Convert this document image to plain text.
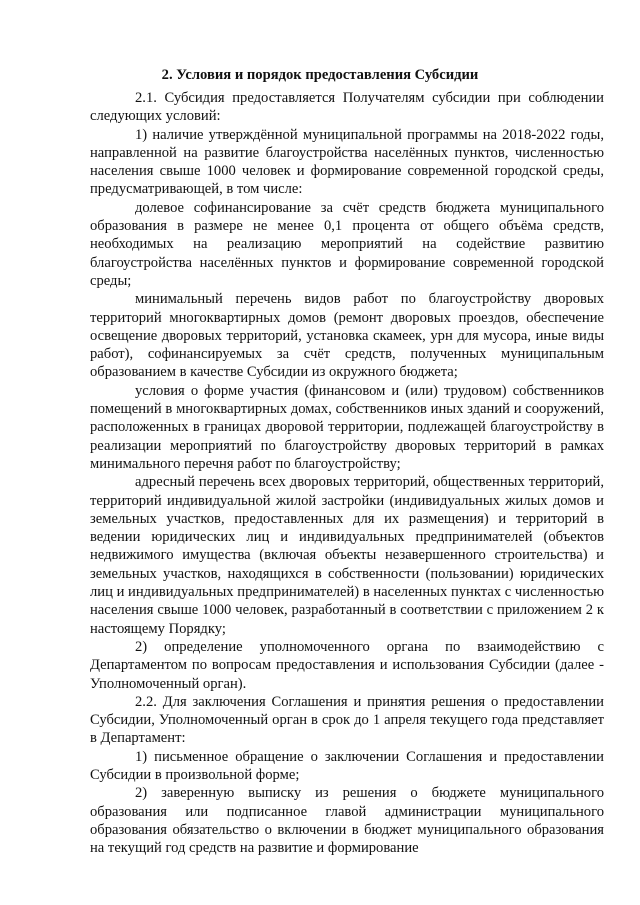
2. Условия и порядок предоставления Субсидии

2.1. Субсидия предоставляется Получателям субсидии при соблюдении следующих условий:

1) наличие утверждённой муниципальной программы на 2018-2022 годы, направленной на развитие благоустройства населённых пунктов, численностью населения свыше 1000 человек и формирование современной городской среды, предусматривающей, в том числе:

долевое софинансирование за счёт средств бюджета муниципального образования в размере не менее 0,1 процента от общего объёма средств, необходимых на реализацию мероприятий на содействие развитию благоустройства населённых пунктов и формирование современной городской среды;

минимальный перечень видов работ по благоустройству дворовых территорий многоквартирных домов (ремонт дворовых проездов, обеспечение освещение дворовых территорий, установка скамеек, урн для мусора, иные виды работ), софинансируемых за счёт средств, полученных муниципальным образованием в качестве Субсидии из окружного бюджета;

условия о форме участия (финансовом и (или) трудовом) собственников помещений в многоквартирных домах, собственников иных зданий и сооружений, расположенных в границах дворовой территории, подлежащей благоустройству в реализации мероприятий по благоустройству дворовых территорий в рамках минимального перечня работ по благоустройству;

адресный перечень всех дворовых территорий, общественных территорий, территорий индивидуальной жилой застройки (индивидуальных жилых домов и земельных участков, предоставленных для их размещения) и территорий в ведении юридических лиц и индивидуальных предпринимателей (объектов недвижимого имущества (включая объекты незавершенного строительства) и земельных участков, находящихся в собственности (пользовании) юридических лиц и индивидуальных предпринимателей) в населенных пунктах с численностью населения свыше 1000 человек, разработанный в соответствии с приложением 2 к настоящему Порядку;

2) определение уполномоченного органа по взаимодействию с Департаментом по вопросам предоставления и использования Субсидии (далее - Уполномоченный орган).

2.2. Для заключения Соглашения и принятия решения о предоставлении Субсидии, Уполномоченный орган в срок до 1 апреля текущего года представляет в Департамент:

1) письменное обращение о заключении Соглашения и предоставлении Субсидии в произвольной форме;

2) заверенную выписку из решения о бюджете муниципального образования или подписанное главой администрации муниципального образования обязательство о включении в бюджет муниципального образования на текущий год средств на развитие и формирование
